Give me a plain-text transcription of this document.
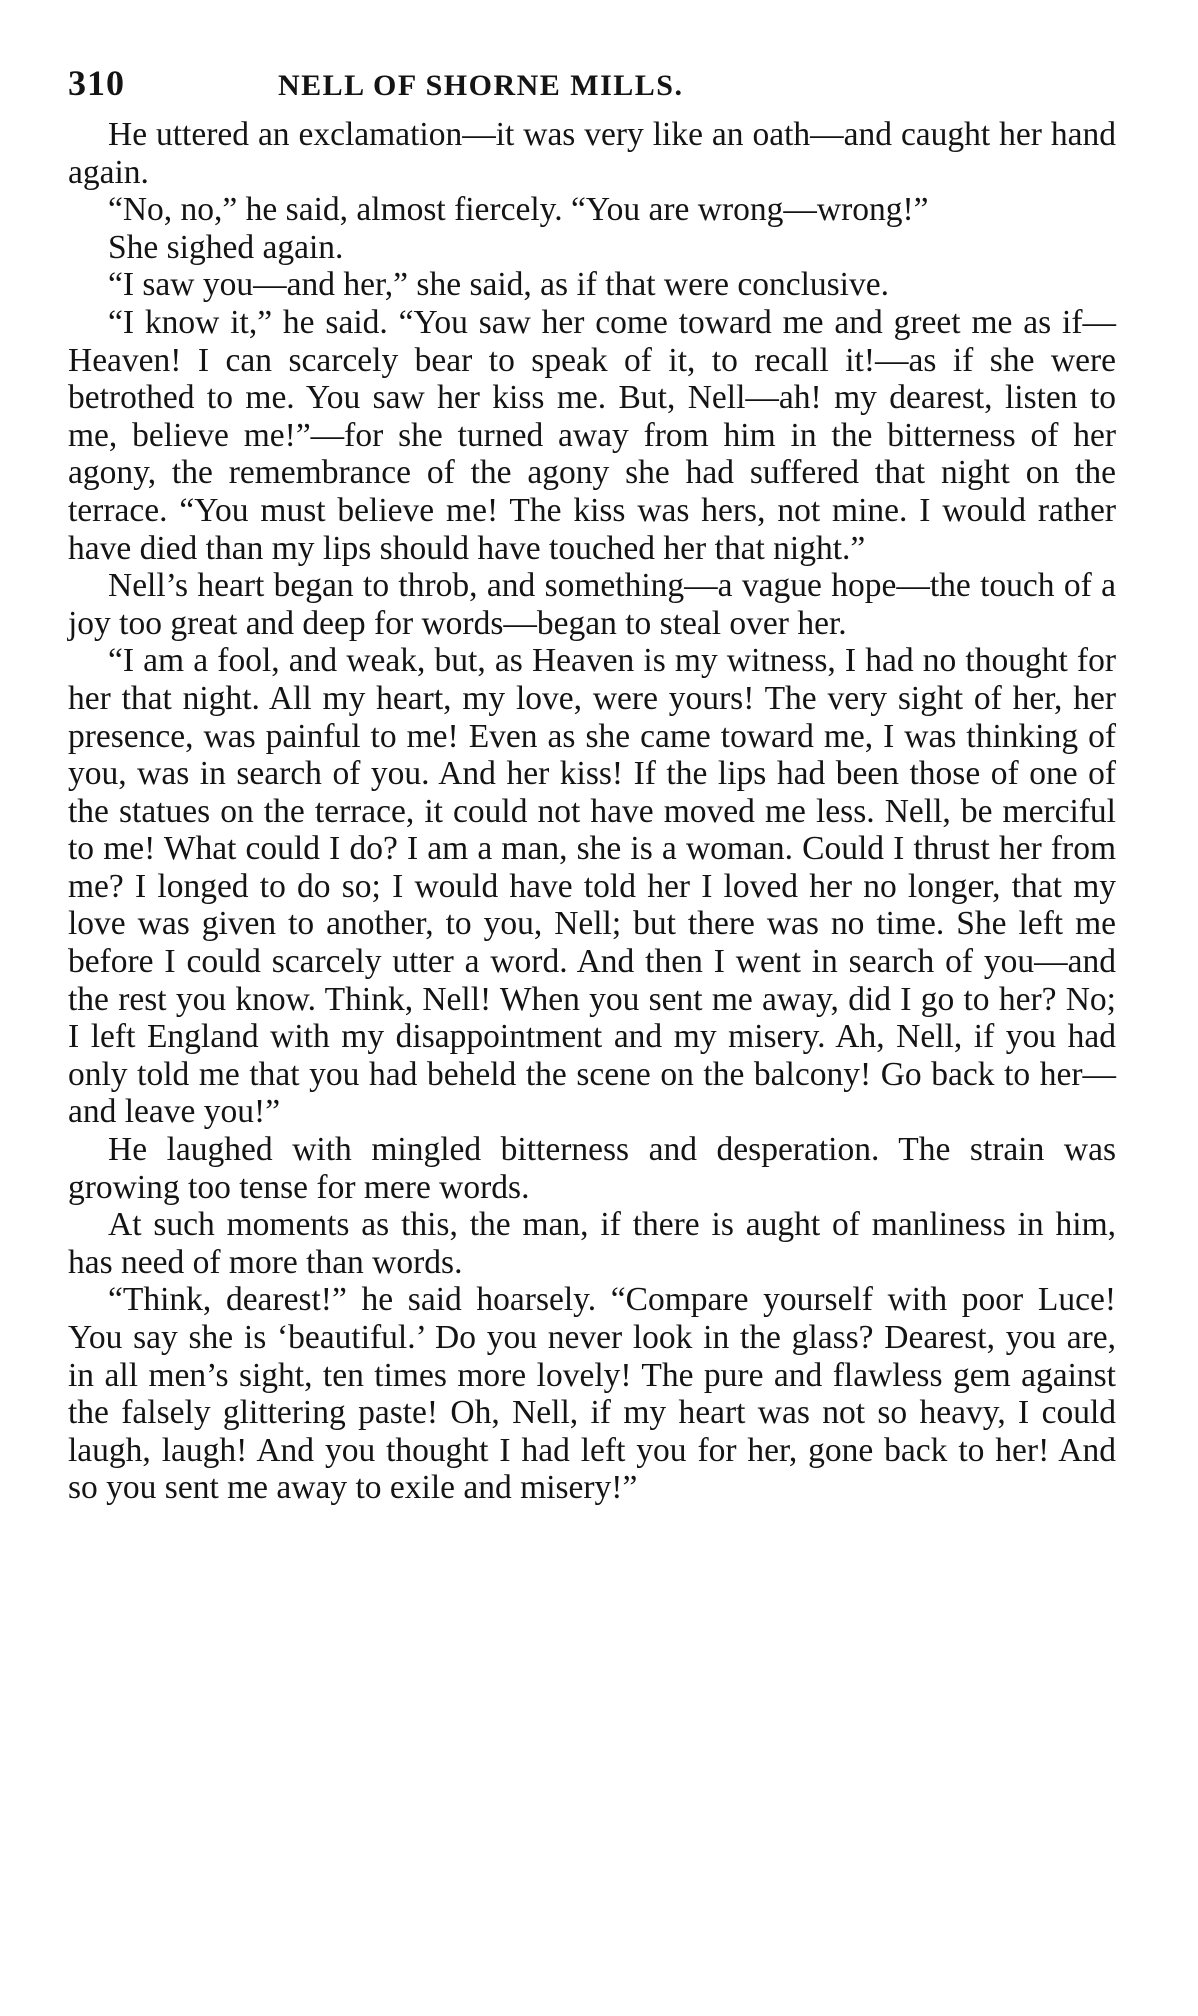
310	NELL OF SHORNE MILLS.

He uttered an exclamation—it was very like an oath—and caught her hand again.

“No, no,” he said, almost fiercely. “You are wrong—wrong!”

She sighed again.

“I saw you—and her,” she said, as if that were conclusive.

“I know it,” he said. “You saw her come toward me and greet me as if—Heaven! I can scarcely bear to speak of it, to recall it!—as if she were betrothed to me. You saw her kiss me. But, Nell—ah! my dearest, listen to me, believe me!”—for she turned away from him in the bitterness of her agony, the remembrance of the agony she had suffered that night on the terrace. “You must believe me! The kiss was hers, not mine. I would rather have died than my lips should have touched her that night.”

Nell’s heart began to throb, and something—a vague hope—the touch of a joy too great and deep for words—began to steal over her.

“I am a fool, and weak, but, as Heaven is my witness, I had no thought for her that night. All my heart, my love, were yours! The very sight of her, her presence, was painful to me! Even as she came toward me, I was thinking of you, was in search of you. And her kiss! If the lips had been those of one of the statues on the terrace, it could not have moved me less. Nell, be merciful to me! What could I do? I am a man, she is a woman. Could I thrust her from me? I longed to do so; I would have told her I loved her no longer, that my love was given to another, to you, Nell; but there was no time. She left me before I could scarcely utter a word. And then I went in search of you—and the rest you know. Think, Nell! When you sent me away, did I go to her? No; I left England with my disappointment and my misery. Ah, Nell, if you had only told me that you had beheld the scene on the balcony! Go back to her—and leave you!”

He laughed with mingled bitterness and desperation. The strain was growing too tense for mere words.

At such moments as this, the man, if there is aught of manliness in him, has need of more than words.

“Think, dearest!” he said hoarsely. “Compare yourself with poor Luce! You say she is ‘beautiful.’ Do you never look in the glass? Dearest, you are, in all men’s sight, ten times more lovely! The pure and flawless gem against the falsely glittering paste! Oh, Nell, if my heart was not so heavy, I could laugh, laugh! And you thought I had left you for her, gone back to her! And so you sent me away to exile and misery!”
